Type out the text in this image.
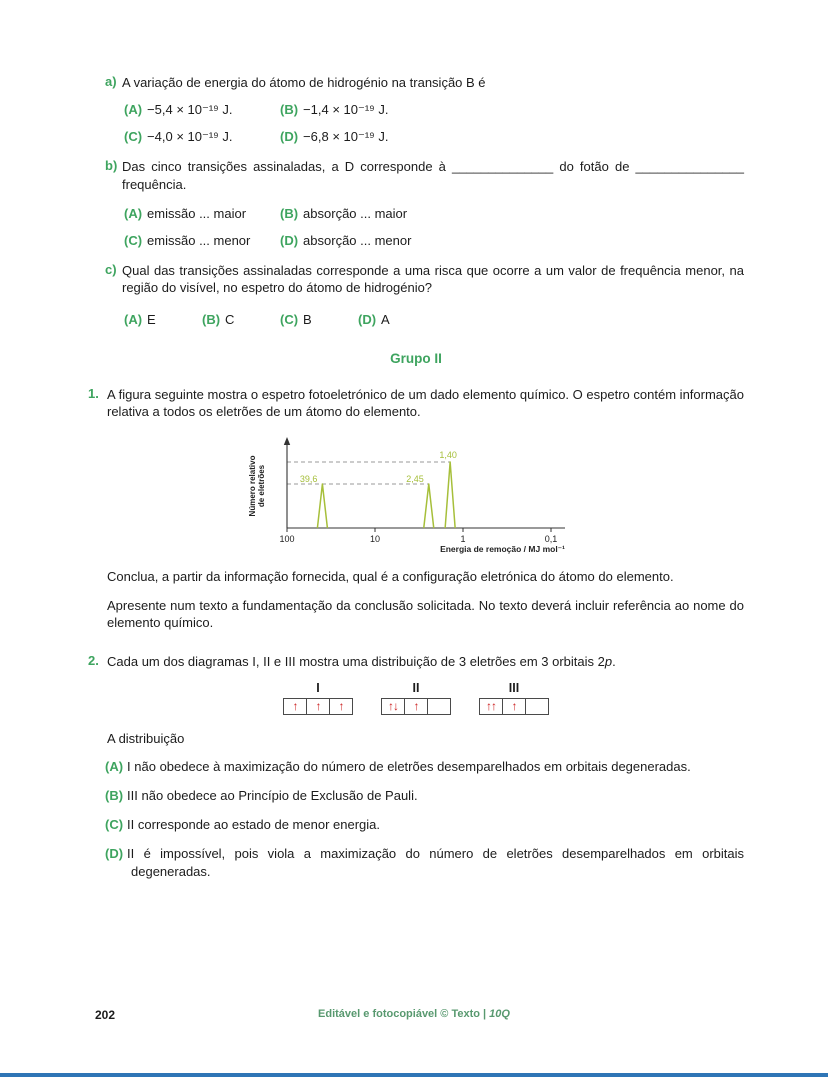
a) A variação de energia do átomo de hidrogénio na transição B é

(A) −5,4 × 10⁻¹⁹ J.	(B) −1,4 × 10⁻¹⁹ J.
(C) −4,0 × 10⁻¹⁹ J.	(D) −6,8 × 10⁻¹⁹ J.
b) Das cinco transições assinaladas, a D corresponde à ______________ do fotão de _______________ frequência.

(A) emissão ... maior	(B) absorção ... maior
(C) emissão ... menor	(D) absorção ... menor
c) Qual das transições assinaladas corresponde a uma risca que ocorre a um valor de frequência menor, na região do visível, no espetro do átomo de hidrogénio?

(A) E	(B) C	(C) B	(D) A
Grupo II
1. A figura seguinte mostra o espetro fotoeletrónico de um dado elemento químico. O espetro contém informação relativa a todos os eletrões de um átomo do elemento.

100	10	1	0,1
39,6	2,45
1,40
Energia de remoção / MJ mol⁻¹
Número relativode eletrões

Conclua, a partir da informação fornecida, qual é a configuração eletrónica do átomo do elemento.

Apresente num texto a fundamentação da conclusão solicitada. No texto deverá incluir referência ao nome do elemento químico.

2. Cada um dos diagramas I, II e III mostra uma distribuição de 3 eletrões em 3 orbitais 2p.

I
↑	↑	↑
II
↑↓	↑
III
↑↑	↑

A distribuição

(A) I não obedece à maximização do número de eletrões desemparelhados em orbitais degeneradas.

(B) III não obedece ao Princípio de Exclusão de Pauli.

(C) II corresponde ao estado de menor energia.

(D) II é impossível, pois viola a maximização do número de eletrões desemparelhados em orbitais degeneradas.

202	Editável e fotocopiável © Texto | 10Q
